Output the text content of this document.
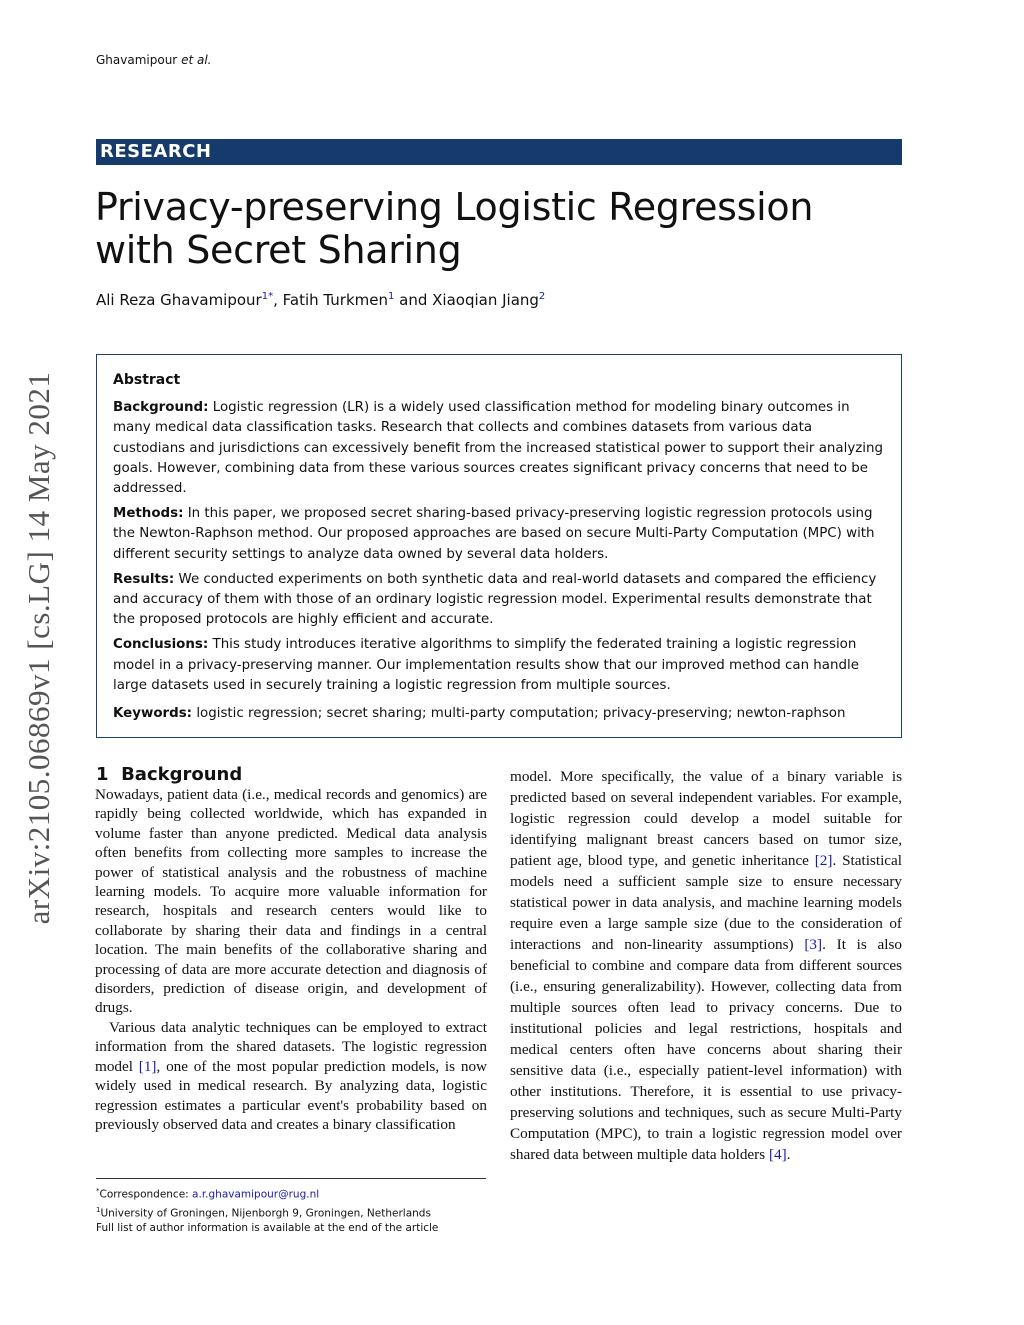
Ghavamipour et al.
RESEARCH
Privacy-preserving Logistic Regression with Secret Sharing
Ali Reza Ghavamipour$^{1*}$, Fatih Turkmen$^1$ and Xiaoqian Jiang$^2$
arXiv:2105.06869v1 [cs.LG] 14 May 2021	Abstract

Background: Logistic regression (LR) is a widely used classification method for modeling binary outcomes in many medical data classification tasks. Research that collects and combines datasets from various data custodians and jurisdictions can excessively benefit from the increased statistical power to support their analyzing goals. However, combining data from these various sources creates significant privacy concerns that need to be addressed.

Methods: In this paper, we proposed secret sharing-based privacy-preserving logistic regression protocols using the Newton-Raphson method. Our proposed approaches are based on secure Multi-Party Computation (MPC) with different security settings to analyze data owned by several data holders.

Results: We conducted experiments on both synthetic data and real-world datasets and compared the efficiency and accuracy of them with those of an ordinary logistic regression model. Experimental results demonstrate that the proposed protocols are highly efficient and accurate.

Conclusions: This study introduces iterative algorithms to simplify the federated training a logistic regression model in a privacy-preserving manner. Our implementation results show that our improved method can handle large datasets used in securely training a logistic regression from multiple sources.

Keywords: logistic regression; secret sharing; multi-party computation; privacy-preserving; newton-raphson

1 Background

Nowadays, patient data (i.e., medical records and genomics) are rapidly being collected worldwide, which has expanded in volume faster than anyone predicted. Medical data analysis often benefits from collecting more samples to increase the power of statistical analysis and the robustness of machine learning models. To acquire more valuable information for research, hospitals and research centers would like to collaborate by sharing their data and findings in a central location. The main benefits of the collaborative sharing and processing of data are more accurate detection and diagnosis of disorders, prediction of disease origin, and development of drugs.

Various data analytic techniques can be employed to extract information from the shared datasets. The logistic regression model [1], one of the most popular prediction models, is now widely used in medical research. By analyzing data, logistic regression estimates a particular event's probability based on previously observed data and creates a binary classification

model. More specifically, the value of a binary variable is predicted based on several independent variables. For example, logistic regression could develop a model suitable for identifying malignant breast cancers based on tumor size, patient age, blood type, and genetic inheritance [2]. Statistical models need a sufficient sample size to ensure necessary statistical power in data analysis, and machine learning models require even a large sample size (due to the consideration of interactions and non-linearity assumptions) [3]. It is also beneficial to combine and compare data from different sources (i.e., ensuring generalizability). However, collecting data from multiple sources often lead to privacy concerns. Due to institutional policies and legal restrictions, hospitals and medical centers often have concerns about sharing their sensitive data (i.e., especially patient-level information) with other institutions. Therefore, it is essential to use privacy-preserving solutions and techniques, such as secure Multi-Party Computation (MPC), to train a logistic regression model over shared data between multiple data holders [4].

*Correspondence: a.r.ghavamipour@rug.nl
$^1$University of Groningen, Nijenborgh 9, Groningen, Netherlands
Full list of author information is available at the end of the article
